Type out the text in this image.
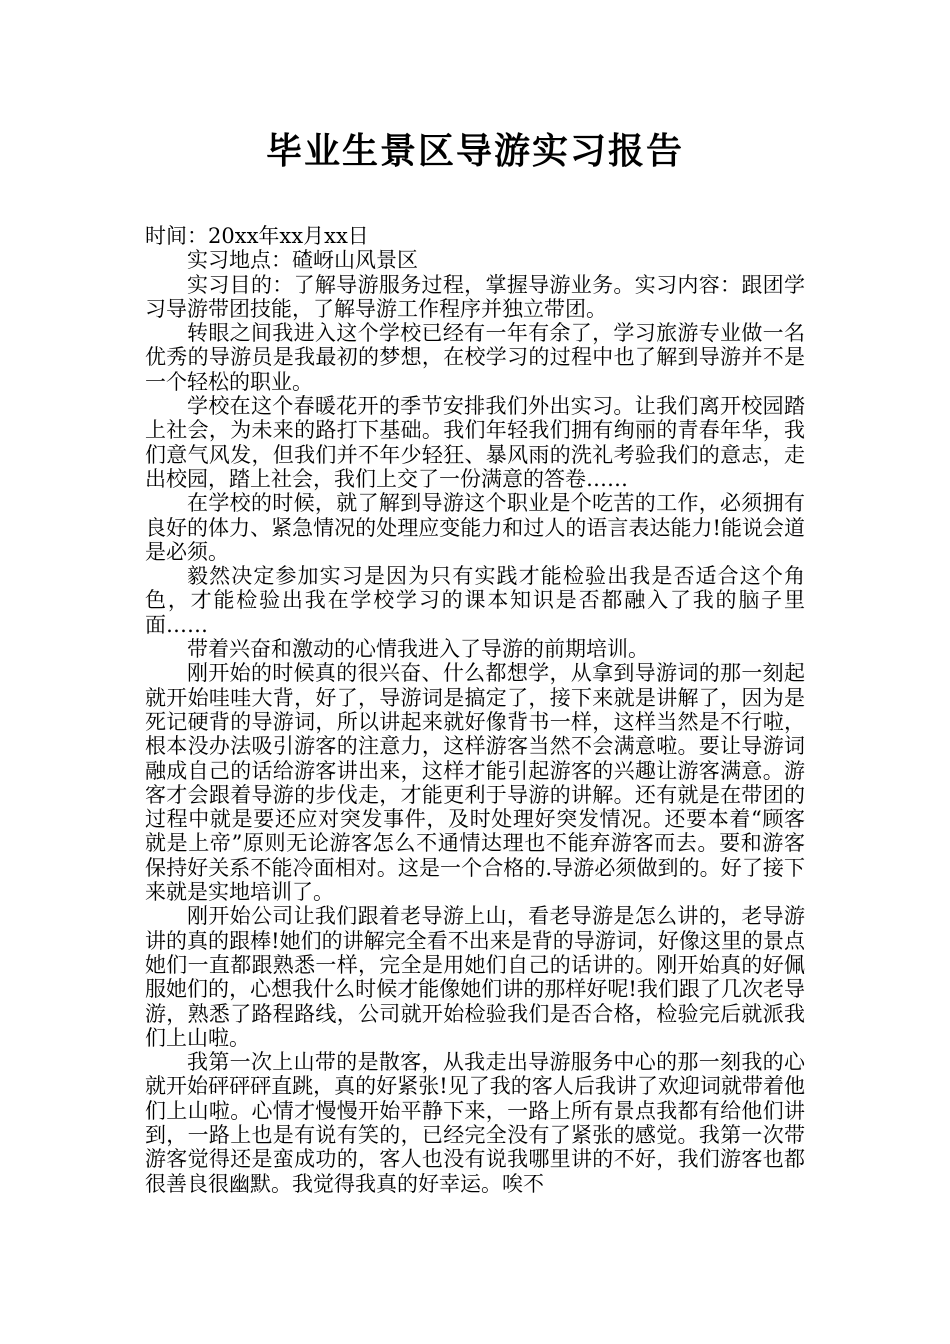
毕业生景区导游实习报告

时间：20xx年xx月xx日

实习地点：碴岈山风景区

实习目的：了解导游服务过程，掌握导游业务。实习内容：跟团学习导游带团技能，了解导游工作程序并独立带团。

转眼之间我进入这个学校已经有一年有余了，学习旅游专业做一名优秀的导游员是我最初的梦想，在校学习的过程中也了解到导游并不是一个轻松的职业。

学校在这个春暖花开的季节安排我们外出实习。让我们离开校园踏上社会，为未来的路打下基础。我们年轻我们拥有绚丽的青春年华，我们意气风发，但我们并不年少轻狂、暴风雨的洗礼考验我们的意志，走出校园，踏上社会，我们上交了一份满意的答卷……

在学校的时候，就了解到导游这个职业是个吃苦的工作，必须拥有良好的体力、紧急情况的处理应变能力和过人的语言表达能力!能说会道是必须。

毅然决定参加实习是因为只有实践才能检验出我是否适合这个角色，才能检验出我在学校学习的课本知识是否都融入了我的脑子里面……

带着兴奋和激动的心情我进入了导游的前期培训。

刚开始的时候真的很兴奋、什么都想学，从拿到导游词的那一刻起就开始哇哇大背，好了，导游词是搞定了，接下来就是讲解了，因为是死记硬背的导游词，所以讲起来就好像背书一样，这样当然是不行啦，根本没办法吸引游客的注意力，这样游客当然不会满意啦。要让导游词融成自己的话给游客讲出来，这样才能引起游客的兴趣让游客满意。游客才会跟着导游的步伐走，才能更利于导游的讲解。还有就是在带团的过程中就是要还应对突发事件，及时处理好突发情况。还要本着“顾客就是上帝”原则无论游客怎么不通情达理也不能弃游客而去。要和游客保持好关系不能冷面相对。这是一个合格的.导游必须做到的。好了接下来就是实地培训了。

刚开始公司让我们跟着老导游上山，看老导游是怎么讲的，老导游讲的真的跟棒!她们的讲解完全看不出来是背的导游词，好像这里的景点她们一直都跟熟悉一样，完全是用她们自己的话讲的。刚开始真的好佩服她们的，心想我什么时候才能像她们讲的那样好呢!我们跟了几次老导游，熟悉了路程路线，公司就开始检验我们是否合格，检验完后就派我们上山啦。

我第一次上山带的是散客，从我走出导游服务中心的那一刻我的心就开始砰砰砰直跳，真的好紧张!见了我的客人后我讲了欢迎词就带着他们上山啦。心情才慢慢开始平静下来，一路上所有景点我都有给他们讲到，一路上也是有说有笑的，已经完全没有了紧张的感觉。我第一次带游客觉得还是蛮成功的，客人也没有说我哪里讲的不好，我们游客也都很善良很幽默。我觉得我真的好幸运。唉不
